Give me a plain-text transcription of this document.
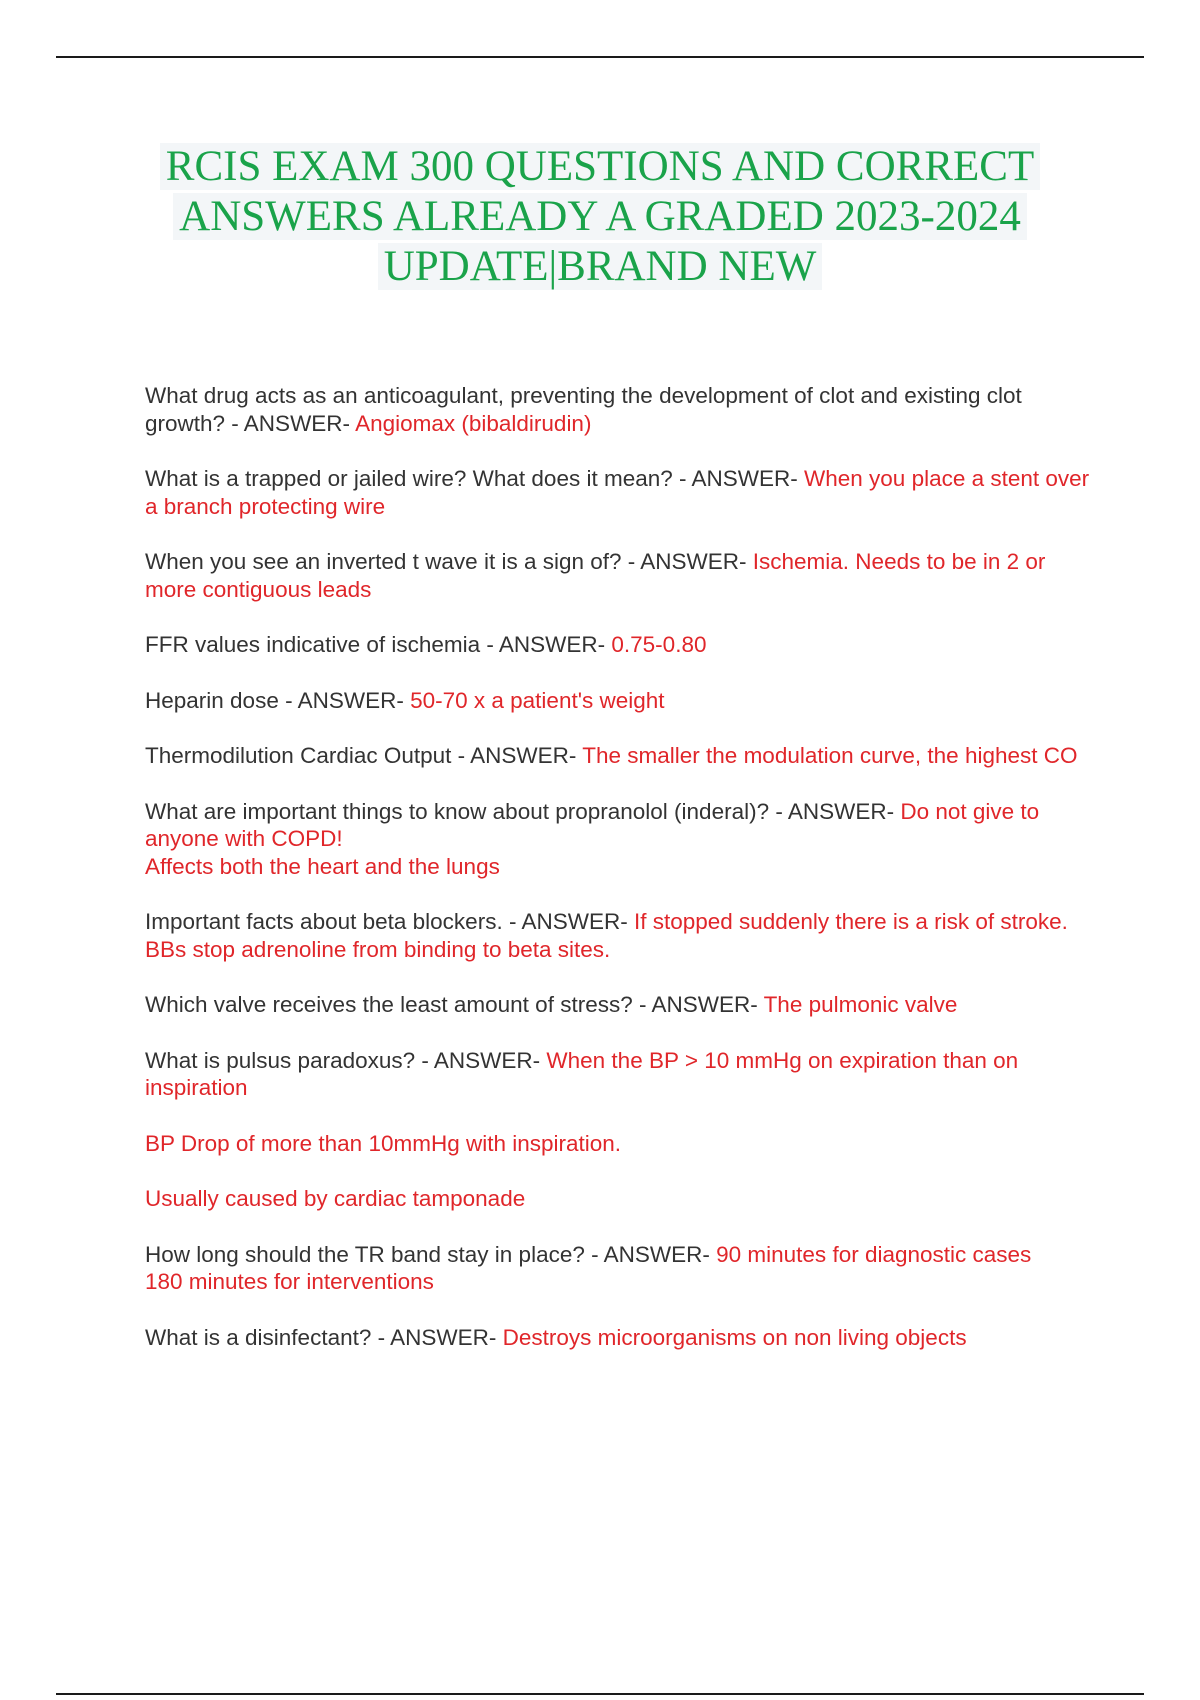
RCIS EXAM 300 QUESTIONS AND CORRECT
ANSWERS ALREADY A GRADED 2023-2024
UPDATE|BRAND NEW

What drug acts as an anticoagulant, preventing the development of clot and existing clot growth? - ANSWER- Angiomax (bibaldirudin)

What is a trapped or jailed wire? What does it mean? - ANSWER- When you place a stent over a branch protecting wire

When you see an inverted t wave it is a sign of? - ANSWER- Ischemia. Needs to be in 2 or more contiguous leads

FFR values indicative of ischemia - ANSWER- 0.75-0.80

Heparin dose - ANSWER- 50-70 x a patient's weight

Thermodilution Cardiac Output - ANSWER- The smaller the modulation curve, the highest CO

What are important things to know about propranolol (inderal)? - ANSWER- Do not give to anyone with COPD!
Affects both the heart and the lungs

Important facts about beta blockers. - ANSWER- If stopped suddenly there is a risk of stroke.
BBs stop adrenoline from binding to beta sites.

Which valve receives the least amount of stress? - ANSWER- The pulmonic valve

What is pulsus paradoxus? - ANSWER- When the BP > 10 mmHg on expiration than on inspiration
BP Drop of more than 10mmHg with inspiration.
Usually caused by cardiac tamponade

How long should the TR band stay in place? - ANSWER- 90 minutes for diagnostic cases
180 minutes for interventions

What is a disinfectant? - ANSWER- Destroys microorganisms on non living objects
